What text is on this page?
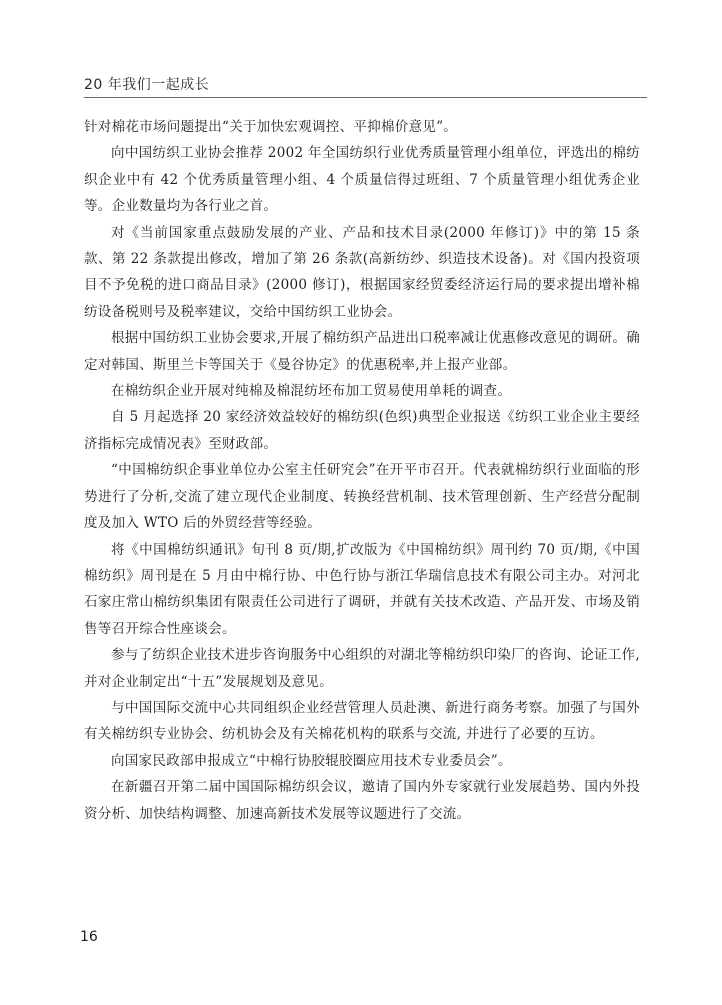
20 年我们一起成长

针对棉花市场问题提出“关于加快宏观调控、平抑棉价意见”。

向中国纺织工业协会推荐 2002 年全国纺织行业优秀质量管理小组单位，评选出的棉纺织企业中有 42 个优秀质量管理小组、4 个质量信得过班组、7 个质量管理小组优秀企业等。企业数量均为各行业之首。

对《当前国家重点鼓励发展的产业、产品和技术目录(2000 年修订)》中的第 15 条款、第 22 条款提出修改，增加了第 26 条款(高新纺纱、织造技术设备)。对《国内投资项目不予免税的进口商品目录》(2000 修订)，根据国家经贸委经济运行局的要求提出增补棉纺设备税则号及税率建议，交给中国纺织工业协会。

根据中国纺织工业协会要求,开展了棉纺织产品进出口税率减让优惠修改意见的调研。确定对韩国、斯里兰卡等国关于《曼谷协定》的优惠税率,并上报产业部。

在棉纺织企业开展对纯棉及棉混纺坯布加工贸易使用单耗的调查。

自 5 月起选择 20 家经济效益较好的棉纺织(色织)典型企业报送《纺织工业企业主要经济指标完成情况表》至财政部。

“中国棉纺织企事业单位办公室主任研究会”在开平市召开。代表就棉纺织行业面临的形势进行了分析,交流了建立现代企业制度、转换经营机制、技术管理创新、生产经营分配制度及加入 WTO 后的外贸经营等经验。

将《中国棉纺织通讯》旬刊 8 页/期,扩改版为《中国棉纺织》周刊约 70 页/期,《中国棉纺织》周刊是在 5 月由中棉行协、中色行协与浙江华瑞信息技术有限公司主办。对河北石家庄常山棉纺织集团有限责任公司进行了调研，并就有关技术改造、产品开发、市场及销售等召开综合性座谈会。

参与了纺织企业技术进步咨询服务中心组织的对湖北等棉纺织印染厂的咨询、论证工作,并对企业制定出“十五”发展规划及意见。

与中国国际交流中心共同组织企业经营管理人员赴澳、新进行商务考察。加强了与国外有关棉纺织专业协会、纺机协会及有关棉花机构的联系与交流, 并进行了必要的互访。

向国家民政部申报成立“中棉行协胶辊胶圈应用技术专业委员会”。

在新疆召开第二届中国国际棉纺织会议，邀请了国内外专家就行业发展趋势、国内外投资分析、加快结构调整、加速高新技术发展等议题进行了交流。

16
